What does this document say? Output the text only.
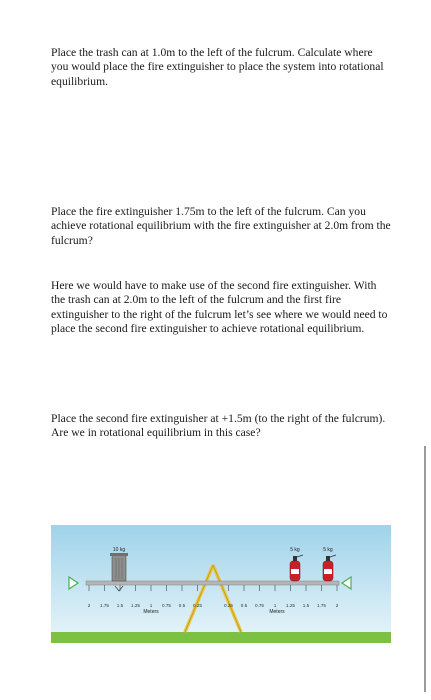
Place the trash can at 1.0m to the left of the fulcrum. Calculate where you would place the fire extinguisher to place the system into rotational equilibrium.

Place the fire extinguisher 1.75m to the left of the fulcrum. Can you achieve rotational equilibrium with the fire extinguisher at 2.0m from the fulcrum?

Here we would have to make use of the second fire extinguisher. With the trash can at 2.0m to the left of the fulcrum and the first fire extinguisher to the right of the fulcrum let’s see where we would need to place the second fire extinguisher to achieve rotational equilibrium.

Place the second fire extinguisher at +1.5m (to the right of the fulcrum). Are we in rotational equilibrium in this case?

2 1.75 1.5 1.25 1 0.75 0.5 0.25	0.25 0.5 0.75 1 1.25 1.5 1.75 2
Meters	Meters
10 kg	5 kg	5 kg
